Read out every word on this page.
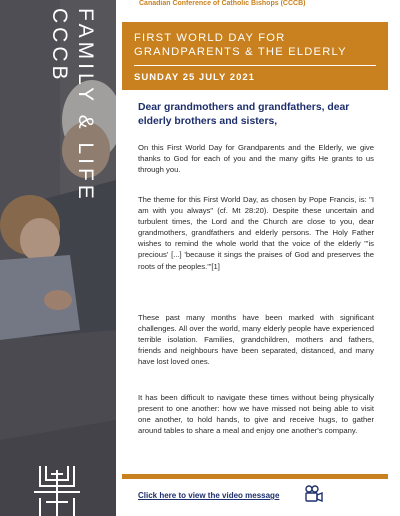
FAMILY & LIFE
CCCB
Canadian Conference of Catholic Bishops (CCCB)
FIRST WORLD DAY FOR GRANDPARENTS & THE ELDERLY
SUNDAY 25 JULY 2021
Dear grandmothers and grandfathers, dear elderly brothers and sisters,

On this First World Day for Grandparents and the Elderly, we give thanks to God for each of you and the many gifts He grants to us through you.

The theme for this First World Day, as chosen by Pope Francis, is: "I am with you always" (cf. Mt 28:20). Despite these uncertain and turbulent times, the Lord and the Church are close to you, dear grandmothers, grandfathers and elderly persons. The Holy Father wishes to remind the whole world that the voice of the elderly "'is precious' [...] 'because it sings the praises of God and preserves the roots of the peoples.'"[1]

These past many months have been marked with significant challenges. All over the world, many elderly people have experienced terrible isolation. Families, grandchildren, mothers and fathers, friends and neighbours have been separated, distanced, and many have lost loved ones.

It has been difficult to navigate these times without being physically present to one another: how we have missed not being able to visit one another, to hold hands, to give and receive hugs, to gather around tables to share a meal and enjoy one another's company.

Click here to view the video message
